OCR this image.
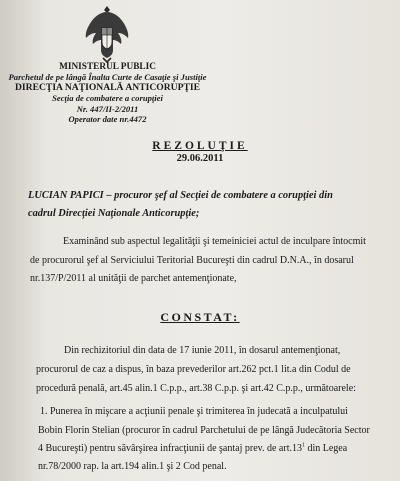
MINISTERUL PUBLIC
Parchetul de pe lângă Înalta Curte de Casaţie şi Justiţie
DIRECŢIA NAŢIONALĂ ANTICORUPŢIE
Secţia de combatere a corupţiei
Nr. 447/II-2/2011
Operator date nr.4472
REZOLUŢIE
29.06.2011
LUCIAN PAPICI – procuror şef al Secţiei de combatere a corupţiei din
cadrul Direcţiei Naţionale Anticorupţie;
Examinând sub aspectul legalităţii şi temeiniciei actul de inculpare întocmit
de procurorul şef al Serviciului Teritorial Bucureşti din cadrul D.N.A., în dosarul
nr.137/P/2011 al unităţii de parchet antemenţionate,
CONSTAT:
Din rechizitoriul din data de 17 iunie 2011, în dosarul antemenţionat,
procurorul de caz a dispus, în baza prevederilor art.262 pct.1 lit.a din Codul de
procedură penală, art.45 alin.1 C.p.p., art.38 C.p.p. şi art.42 C.p.p., următoarele:
1. Punerea în mişcare a acţiunii penale şi trimiterea în judecată a inculpatului
Bobin Florin Stelian (procuror în cadrul Parchetului de pe lângă Judecătoria Sector
4 Bucureşti) pentru săvârşirea infracţiunii de şantaj prev. de $art.13^1$ din Legea
nr.78/2000 rap. la art.194 alin.1 şi 2 Cod penal.
